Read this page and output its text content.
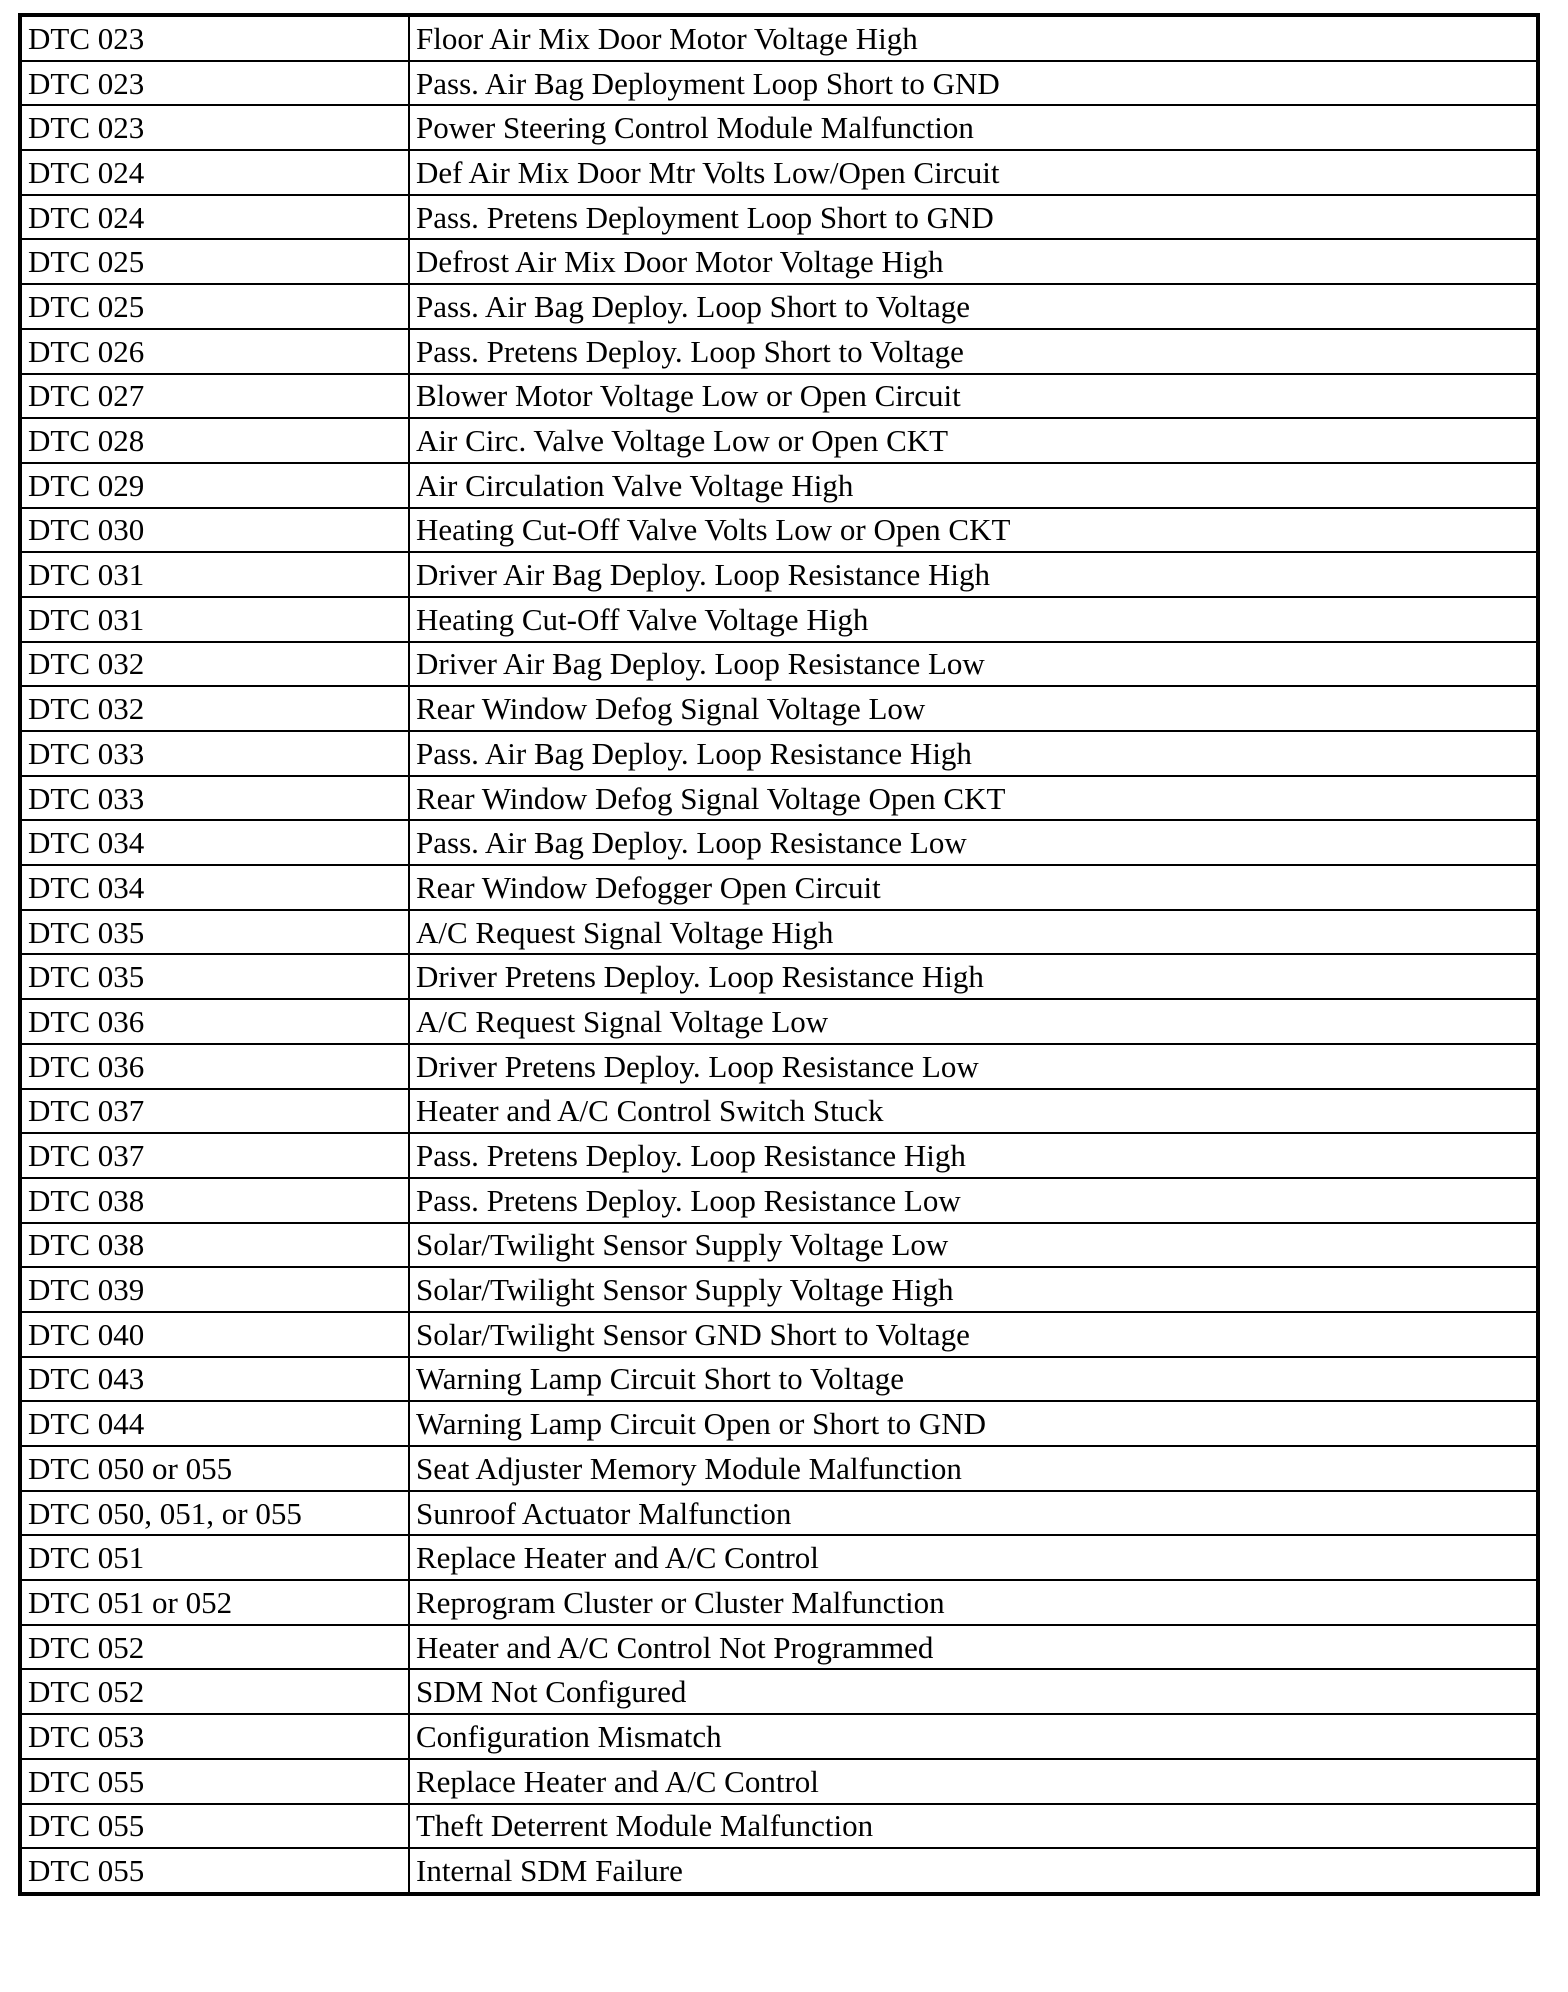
DTC 023	Floor Air Mix Door Motor Voltage High
DTC 023	Pass. Air Bag Deployment Loop Short to GND
DTC 023	Power Steering Control Module Malfunction
DTC 024	Def Air Mix Door Mtr Volts Low/Open Circuit
DTC 024	Pass. Pretens Deployment Loop Short to GND
DTC 025	Defrost Air Mix Door Motor Voltage High
DTC 025	Pass. Air Bag Deploy. Loop Short to Voltage
DTC 026	Pass. Pretens Deploy. Loop Short to Voltage
DTC 027	Blower Motor Voltage Low or Open Circuit
DTC 028	Air Circ. Valve Voltage Low or Open CKT
DTC 029	Air Circulation Valve Voltage High
DTC 030	Heating Cut-Off Valve Volts Low or Open CKT
DTC 031	Driver Air Bag Deploy. Loop Resistance High
DTC 031	Heating Cut-Off Valve Voltage High
DTC 032	Driver Air Bag Deploy. Loop Resistance Low
DTC 032	Rear Window Defog Signal Voltage Low
DTC 033	Pass. Air Bag Deploy. Loop Resistance High
DTC 033	Rear Window Defog Signal Voltage Open CKT
DTC 034	Pass. Air Bag Deploy. Loop Resistance Low
DTC 034	Rear Window Defogger Open Circuit
DTC 035	A/C Request Signal Voltage High
DTC 035	Driver Pretens Deploy. Loop Resistance High
DTC 036	A/C Request Signal Voltage Low
DTC 036	Driver Pretens Deploy. Loop Resistance Low
DTC 037	Heater and A/C Control Switch Stuck
DTC 037	Pass. Pretens Deploy. Loop Resistance High
DTC 038	Pass. Pretens Deploy. Loop Resistance Low
DTC 038	Solar/Twilight Sensor Supply Voltage Low
DTC 039	Solar/Twilight Sensor Supply Voltage High
DTC 040	Solar/Twilight Sensor GND Short to Voltage
DTC 043	Warning Lamp Circuit Short to Voltage
DTC 044	Warning Lamp Circuit Open or Short to GND
DTC 050 or 055	Seat Adjuster Memory Module Malfunction
DTC 050, 051, or 055	Sunroof Actuator Malfunction
DTC 051	Replace Heater and A/C Control
DTC 051 or 052	Reprogram Cluster or Cluster Malfunction
DTC 052	Heater and A/C Control Not Programmed
DTC 052	SDM Not Configured
DTC 053	Configuration Mismatch
DTC 055	Replace Heater and A/C Control
DTC 055	Theft Deterrent Module Malfunction
DTC 055	Internal SDM Failure
